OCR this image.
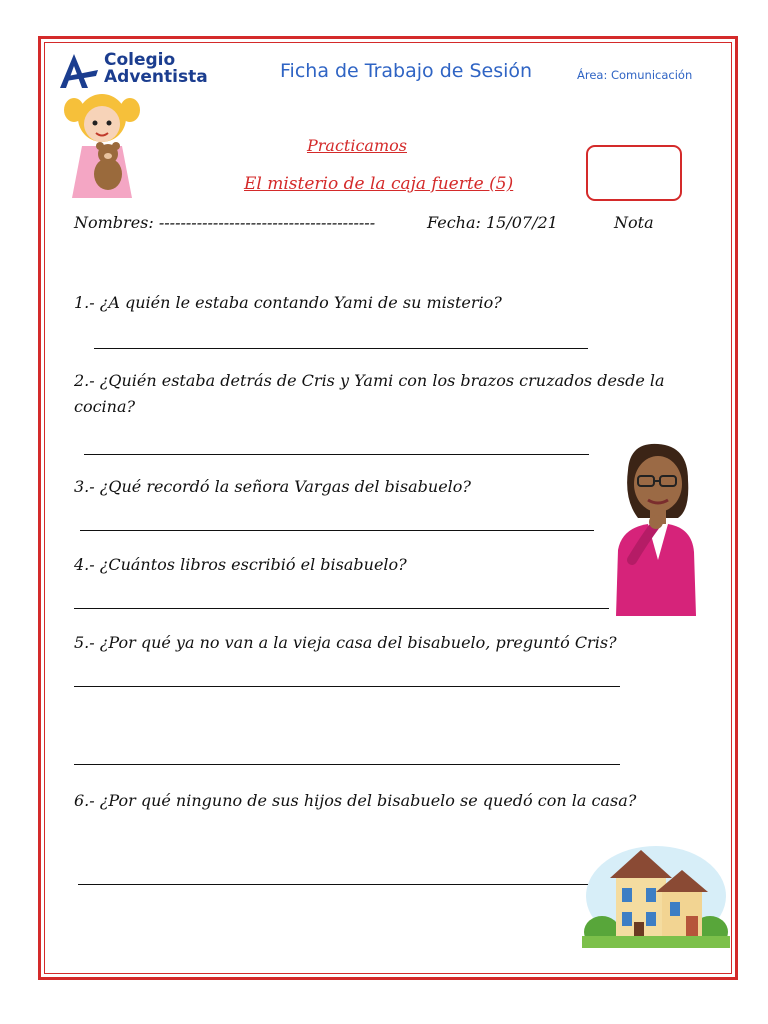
Colegio
Adventista	Ficha de Trabajo de Sesión	Área: Comunicación
Practicamos
El misterio de la caja fuerte (5)
Nombres: ----------------------------------------	Fecha: 15/07/21	Nota
1.- ¿A quién le estaba contando Yami de su misterio?
2.- ¿Quién estaba detrás de Cris y Yami con los brazos cruzados desde la cocina?
3.- ¿Qué recordó la señora Vargas del bisabuelo?
4.- ¿Cuántos libros escribió el bisabuelo?
5.- ¿Por qué ya no van a la vieja casa del bisabuelo, preguntó Cris?
6.- ¿Por qué ninguno de sus hijos del bisabuelo se quedó con la casa?
